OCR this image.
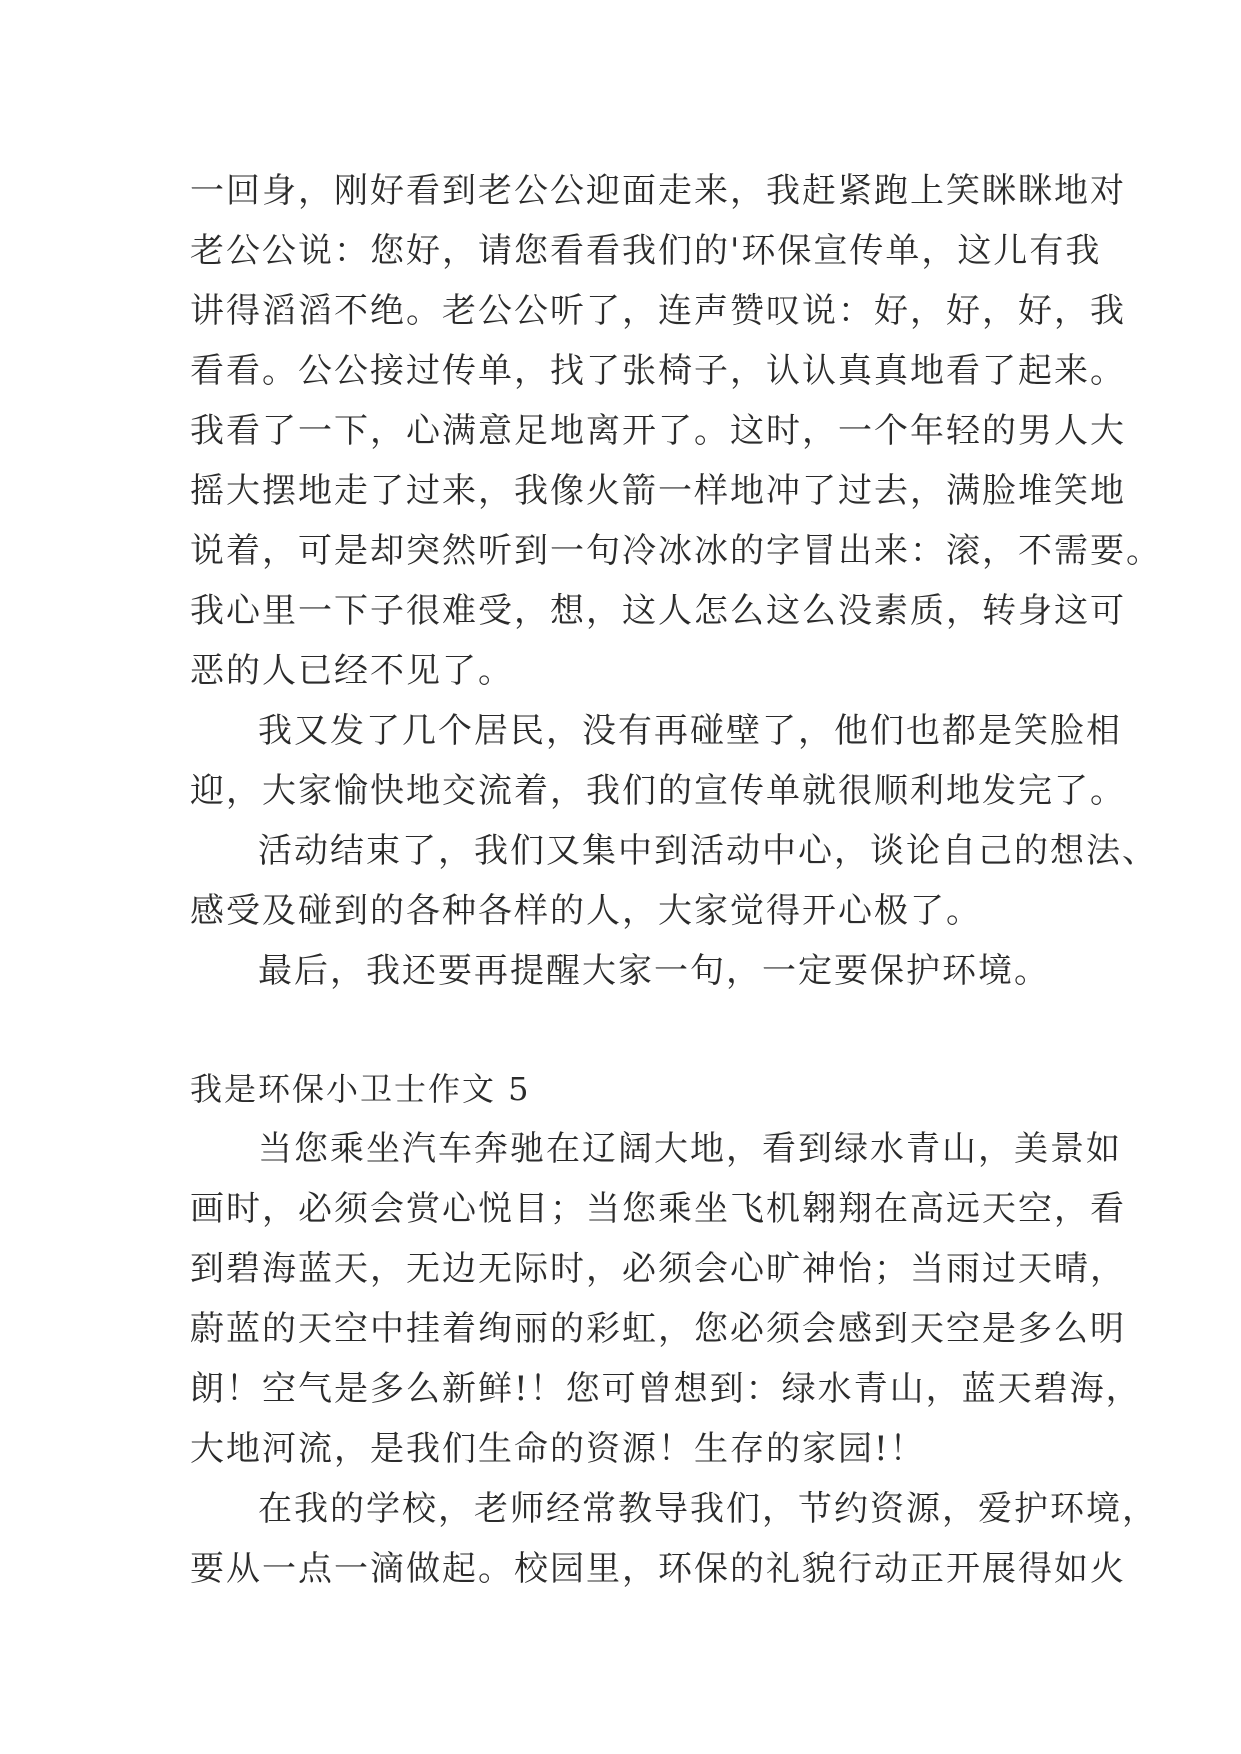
一回身，刚好看到老公公迎面走来，我赶紧跑上笑眯眯地对
老公公说：您好，请您看看我们的'环保宣传单，这儿有我
讲得滔滔不绝。老公公听了，连声赞叹说：好，好，好，我
看看。公公接过传单，找了张椅子，认认真真地看了起来。
我看了一下，心满意足地离开了。这时，一个年轻的男人大
摇大摆地走了过来，我像火箭一样地冲了过去，满脸堆笑地
说着，可是却突然听到一句冷冰冰的字冒出来：滚，不需要。
我心里一下子很难受，想，这人怎么这么没素质，转身这可
恶的人已经不见了。
我又发了几个居民，没有再碰壁了，他们也都是笑脸相
迎，大家愉快地交流着，我们的宣传单就很顺利地发完了。
活动结束了，我们又集中到活动中心，谈论自己的想法、
感受及碰到的各种各样的人，大家觉得开心极了。
最后，我还要再提醒大家一句，一定要保护环境。
我是环保小卫士作文 5
当您乘坐汽车奔驰在辽阔大地，看到绿水青山，美景如
画时，必须会赏心悦目；当您乘坐飞机翱翔在高远天空，看
到碧海蓝天，无边无际时，必须会心旷神怡；当雨过天晴，
蔚蓝的天空中挂着绚丽的彩虹，您必须会感到天空是多么明
朗！空气是多么新鲜!！您可曾想到：绿水青山，蓝天碧海，
大地河流，是我们生命的资源！生存的家园!！
在我的学校，老师经常教导我们，节约资源，爱护环境，
要从一点一滴做起。校园里，环保的礼貌行动正开展得如火
